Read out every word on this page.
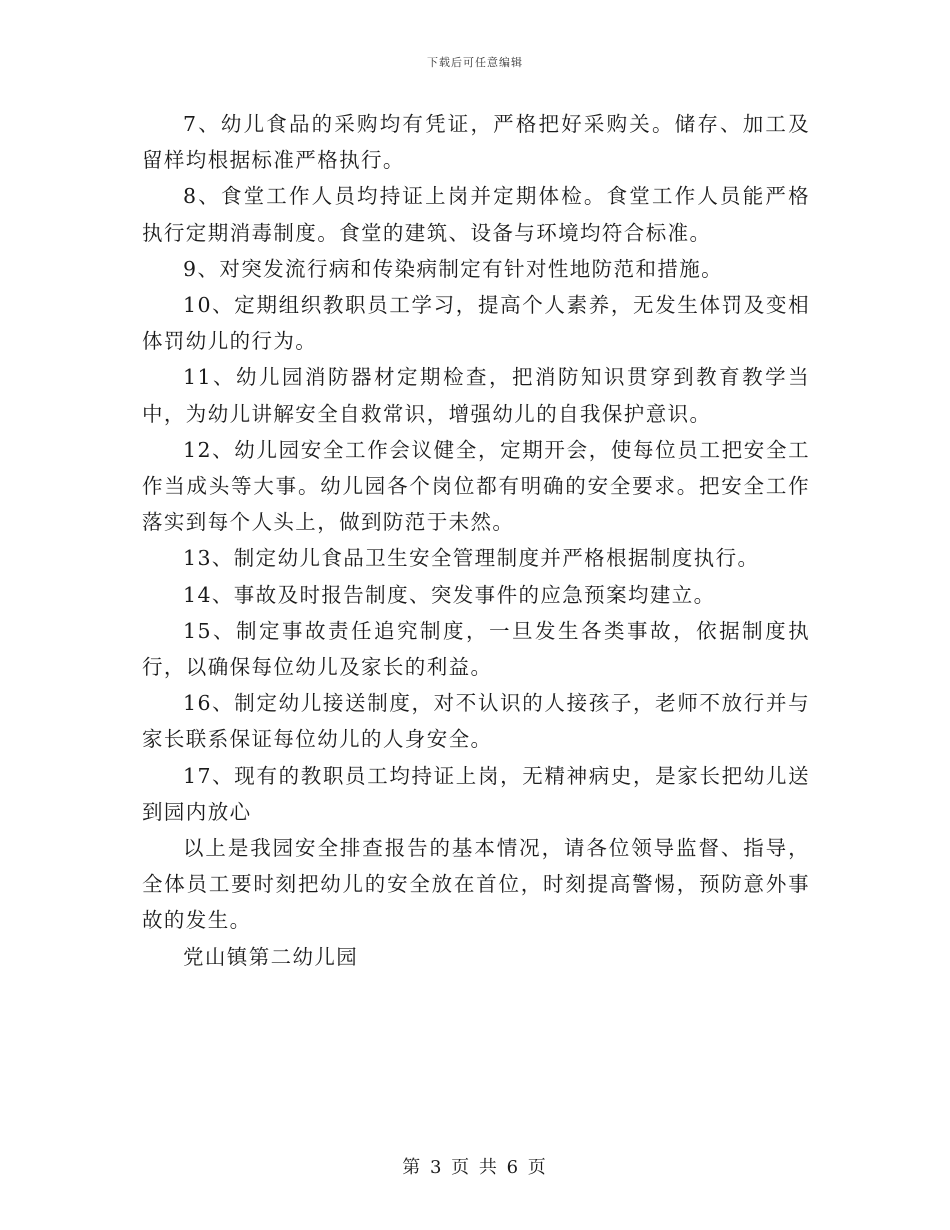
下载后可任意编辑

7、幼儿食品的采购均有凭证，严格把好采购关。储存、加工及留样均根据标准严格执行。

8、食堂工作人员均持证上岗并定期体检。食堂工作人员能严格执行定期消毒制度。食堂的建筑、设备与环境均符合标准。

9、对突发流行病和传染病制定有针对性地防范和措施。

10、定期组织教职员工学习，提高个人素养，无发生体罚及变相体罚幼儿的行为。

11、幼儿园消防器材定期检查，把消防知识贯穿到教育教学当中，为幼儿讲解安全自救常识，增强幼儿的自我保护意识。

12、幼儿园安全工作会议健全，定期开会，使每位员工把安全工作当成头等大事。幼儿园各个岗位都有明确的安全要求。把安全工作落实到每个人头上，做到防范于未然。

13、制定幼儿食品卫生安全管理制度并严格根据制度执行。

14、事故及时报告制度、突发事件的应急预案均建立。

15、制定事故责任追究制度，一旦发生各类事故，依据制度执行，以确保每位幼儿及家长的利益。

16、制定幼儿接送制度，对不认识的人接孩子，老师不放行并与家长联系保证每位幼儿的人身安全。

17、现有的教职员工均持证上岗，无精神病史，是家长把幼儿送到园内放心

以上是我园安全排查报告的基本情况，请各位领导监督、指导，全体员工要时刻把幼儿的安全放在首位，时刻提高警惕，预防意外事故的发生。

党山镇第二幼儿园

第 3 页 共 6 页
